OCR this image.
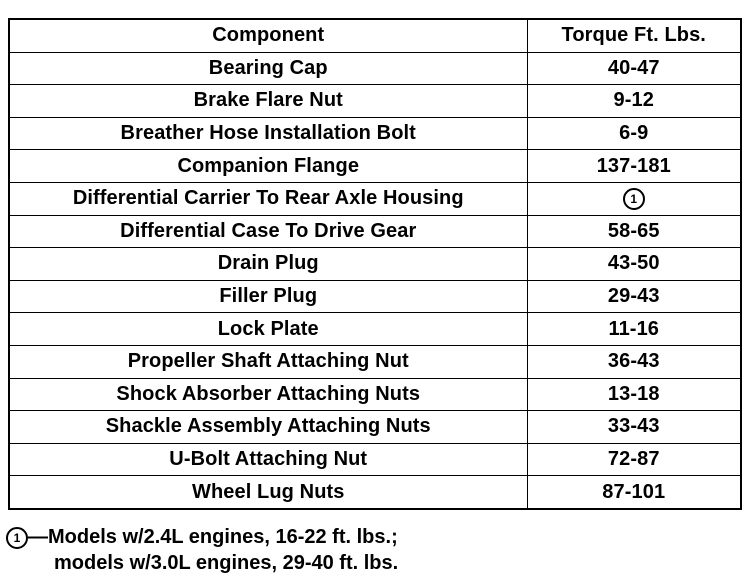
Component	Torque Ft. Lbs.
Bearing Cap	40-47
Brake Flare Nut	9-12
Breather Hose Installation Bolt	6-9
Companion Flange	137-181
Differential Carrier To Rear Axle Housing	1
Differential Case To Drive Gear	58-65
Drain Plug	43-50
Filler Plug	29-43
Lock Plate	11-16
Propeller Shaft Attaching Nut	36-43
Shock Absorber Attaching Nuts	13-18
Shackle Assembly Attaching Nuts	33-43
U-Bolt Attaching Nut	72-87
Wheel Lug Nuts	87-101
1 —Models w/2.4L engines, 16-22 ft. lbs.;
models w/3.0L engines, 29-40 ft. lbs.
